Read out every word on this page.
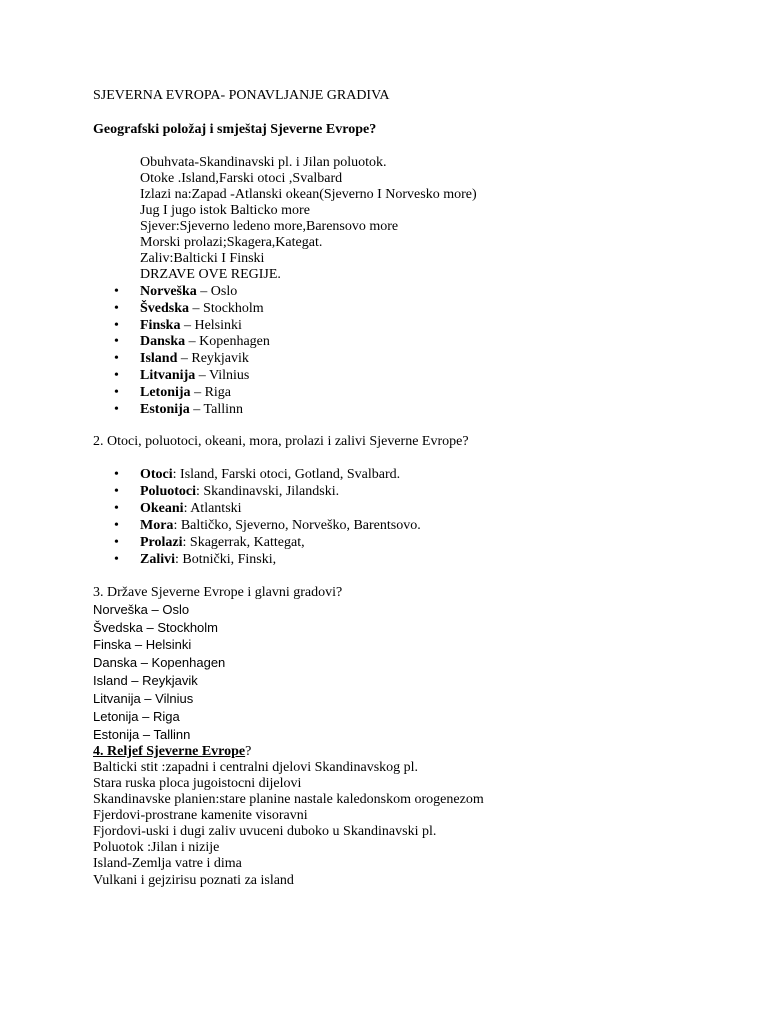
SJEVERNA EVROPA- PONAVLJANJE GRADIVA
Geografski položaj i smještaj Sjeverne Evrope?
Obuhvata-Skandinavski pl. i Jilan poluotok.
Otoke .Island,Farski otoci ,Svalbard
Izlazi na:Zapad -Atlanski okean(Sjeverno I Norvesko more)
Jug I jugo istok Balticko more
Sjever:Sjeverno ledeno more,Barensovo more
Morski prolazi;Skagera,Kategat.
Zaliv:Balticki I Finski
DRZAVE OVE REGIJE.
•	Norveška – Oslo
•	Švedska – Stockholm
•	Finska – Helsinki
•	Danska – Kopenhagen
•	Island – Reykjavik
•	Litvanija – Vilnius
•	Letonija – Riga
•	Estonija – Tallinn
2. Otoci, poluotoci, okeani, mora, prolazi i zalivi Sjeverne Evrope?
•	Otoci: Island, Farski otoci, Gotland, Svalbard.
•	Poluotoci: Skandinavski, Jilandski.
•	Okeani: Atlantski
•	Mora: Baltičko, Sjeverno, Norveško, Barentsovo.
•	Prolazi: Skagerrak, Kattegat,
•	Zalivi: Botnički, Finski,
3. Države Sjeverne Evrope i glavni gradovi?
Norveška – Oslo
Švedska – Stockholm
Finska – Helsinki
Danska – Kopenhagen
Island – Reykjavik
Litvanija – Vilnius
Letonija – Riga
Estonija – Tallinn
4. Reljef Sjeverne Evrope?
Balticki stit :zapadni i centralni djelovi Skandinavskog pl.
Stara ruska ploca jugoistocni dijelovi
Skandinavske planien:stare planine nastale kaledonskom orogenezom
Fjerdovi-prostrane kamenite visoravni
Fjordovi-uski i dugi zaliv uvuceni duboko u Skandinavski pl.
Poluotok :Jilan i nizije
Island-Zemlja vatre i dima
Vulkani i gejzirisu poznati za island
